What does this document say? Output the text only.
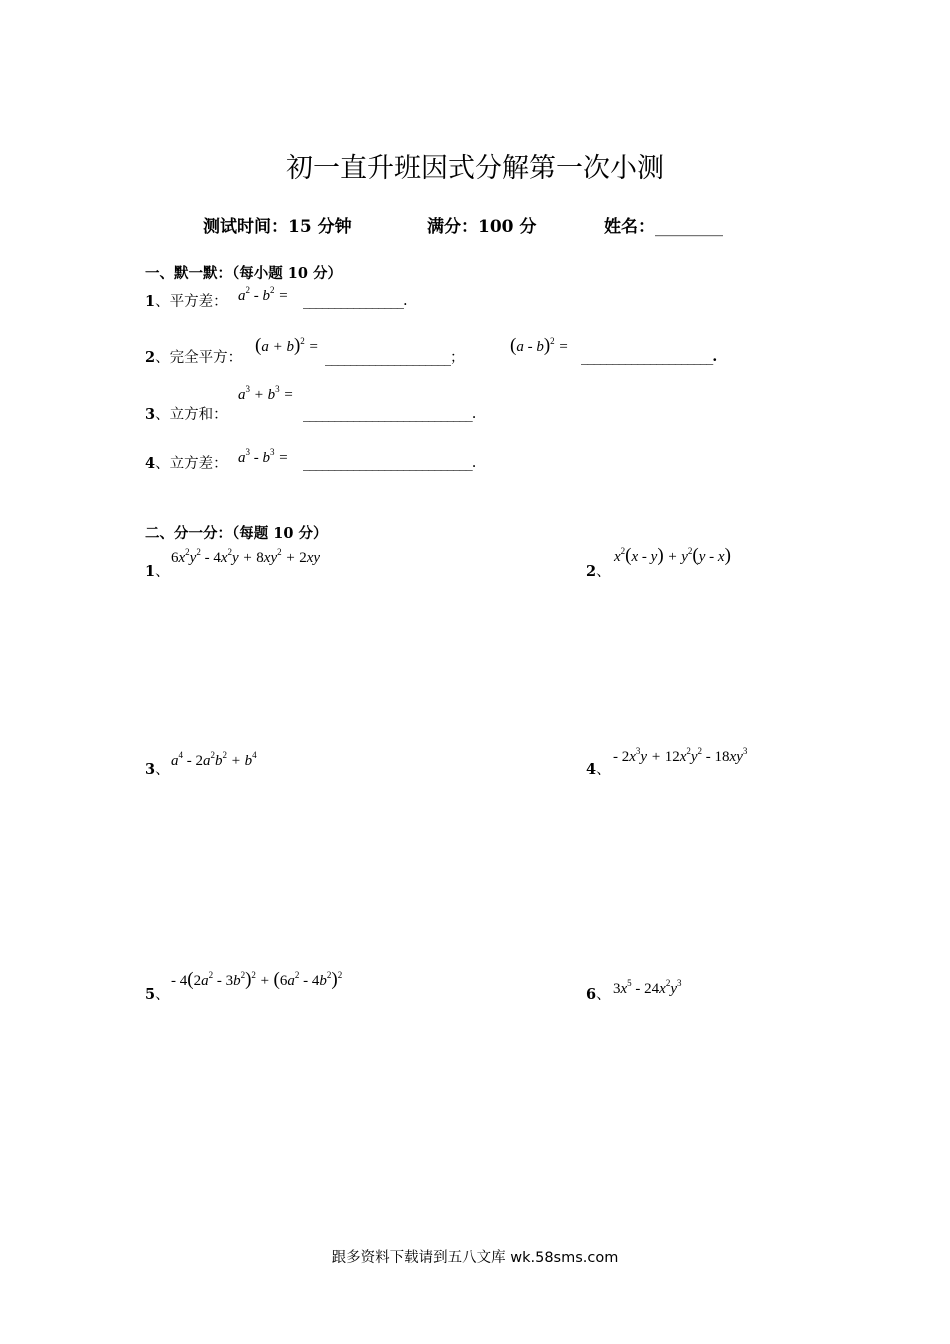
初一直升班因式分解第一次小测
测试时间：15 分钟	满分：100 分	姓名：________
一、默一默：（每小题 10 分）
1、平方差： $a^2 - b^2$ = ________________.
2、完全平方：
$(a + b)^2$ =
____________________；
(a - b)$^2$ =
_____________________.
3、立方和：
$a^3 + b^3$ =
___________________________.
4、立方差： $a^3 - b^3$ = ___________________________.
二、分一分：（每题 10 分）
1、
$6x^2y^2 - 4x^2y + 8xy^2 + 2xy$
2、
$x^2(x - y) + y^2(y - x)$
3、
$a^4 - 2a^2b^2 + b^4$
4、
- $2x^3y + 12x^2y^2 - 18xy^3$
5、
- $4(2a^2 - 3b^2)^2 + (6a^2 - 4b^2)^2$
6、 $3x^5 - 24x^2y^3$
跟多资料下载请到五八文库 wk.58sms.com
